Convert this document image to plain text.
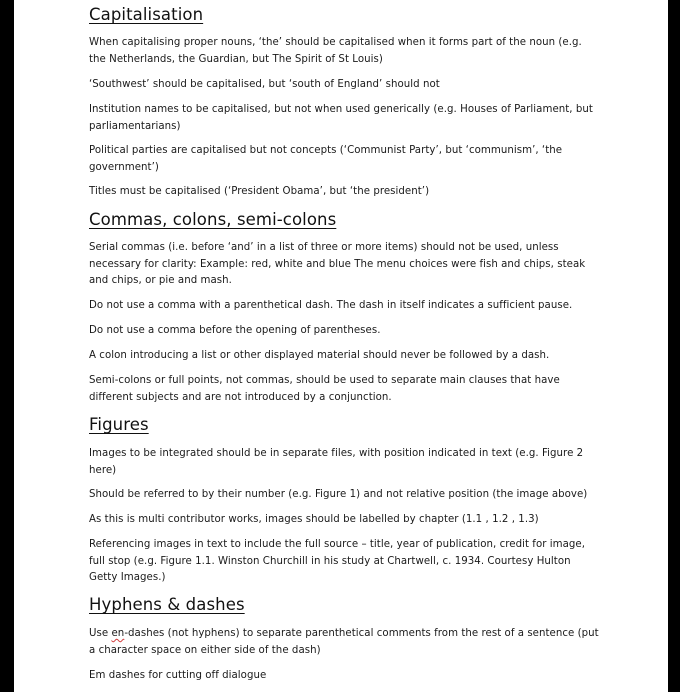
Capitalisation

When capitalising proper nouns, ‘the’ should be capitalised when it forms part of the noun (e.g. the Netherlands, the Guardian, but The Spirit of St Louis)

‘Southwest’ should be capitalised, but ‘south of England’ should not

Institution names to be capitalised, but not when used generically (e.g. Houses of Parliament, but parliamentarians)

Political parties are capitalised but not concepts (‘Communist Party’, but ‘communism’, ‘the government’)

Titles must be capitalised (‘President Obama’, but ‘the president’)

Commas, colons, semi-colons

Serial commas (i.e. before ‘and’ in a list of three or more items) should not be used, unless necessary for clarity: Example: red, white and blue The menu choices were fish and chips, steak and chips, or pie and mash.

Do not use a comma with a parenthetical dash. The dash in itself indicates a sufficient pause.

Do not use a comma before the opening of parentheses.

A colon introducing a list or other displayed material should never be followed by a dash.

Semi-colons or full points, not commas, should be used to separate main clauses that have different subjects and are not introduced by a conjunction.

Figures

Images to be integrated should be in separate files, with position indicated in text (e.g. Figure 2 here)

Should be referred to by their number (e.g. Figure 1) and not relative position (the image above)

As this is multi contributor works, images should be labelled by chapter (1.1 , 1.2 , 1.3)

Referencing images in text to include the full source – title, year of publication, credit for image, full stop (e.g. Figure 1.1. Winston Churchill in his study at Chartwell, c. 1934. Courtesy Hulton Getty Images.)

Hyphens & dashes

Use en-dashes (not hyphens) to separate parenthetical comments from the rest of a sentence (put a character space on either side of the dash)

Em dashes for cutting off dialogue
